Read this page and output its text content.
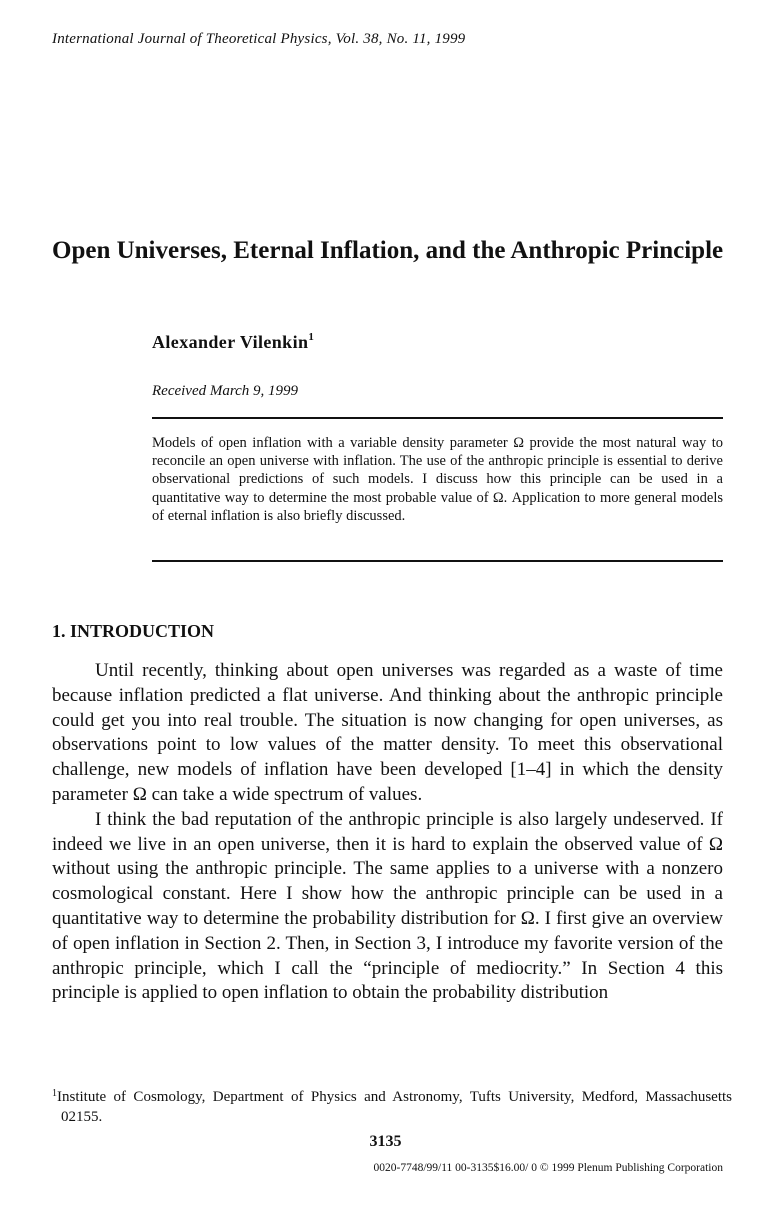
International Journal of Theoretical Physics, Vol. 38, No. 11, 1999
Open Universes, Eternal Inflation, and the Anthropic Principle
Alexander Vilenkin$^1$
Received March 9, 1999

Models of open inflation with a variable density parameter Ω provide the most natural way to reconcile an open universe with inflation. The use of the anthropic principle is essential to derive observational predictions of such models. I discuss how this principle can be used in a quantitative way to determine the most probable value of Ω. Application to more general models of eternal inflation is also briefly discussed.

1. INTRODUCTION

Until recently, thinking about open universes was regarded as a waste of time because inflation predicted a flat universe. And thinking about the anthropic principle could get you into real trouble. The situation is now changing for open universes, as observations point to low values of the matter density. To meet this observational challenge, new models of inflation have been developed [1–4] in which the density parameter Ω can take a wide spectrum of values.

I think the bad reputation of the anthropic principle is also largely undeserved. If indeed we live in an open universe, then it is hard to explain the observed value of Ω without using the anthropic principle. The same applies to a universe with a nonzero cosmological constant. Here I show how the anthropic principle can be used in a quantitative way to determine the probability distribution for Ω. I first give an overview of open inflation in Section 2. Then, in Section 3, I introduce my favorite version of the anthropic principle, which I call the “principle of mediocrity.” In Section 4 this principle is applied to open inflation to obtain the probability distribution

$^1$Institute of Cosmology, Department of Physics and Astronomy, Tufts University, Medford, Massachusetts 02155.

3135
0020-7748/99/11 00-3135$16.00/ 0 © 1999 Plenum Publishing Corporation
